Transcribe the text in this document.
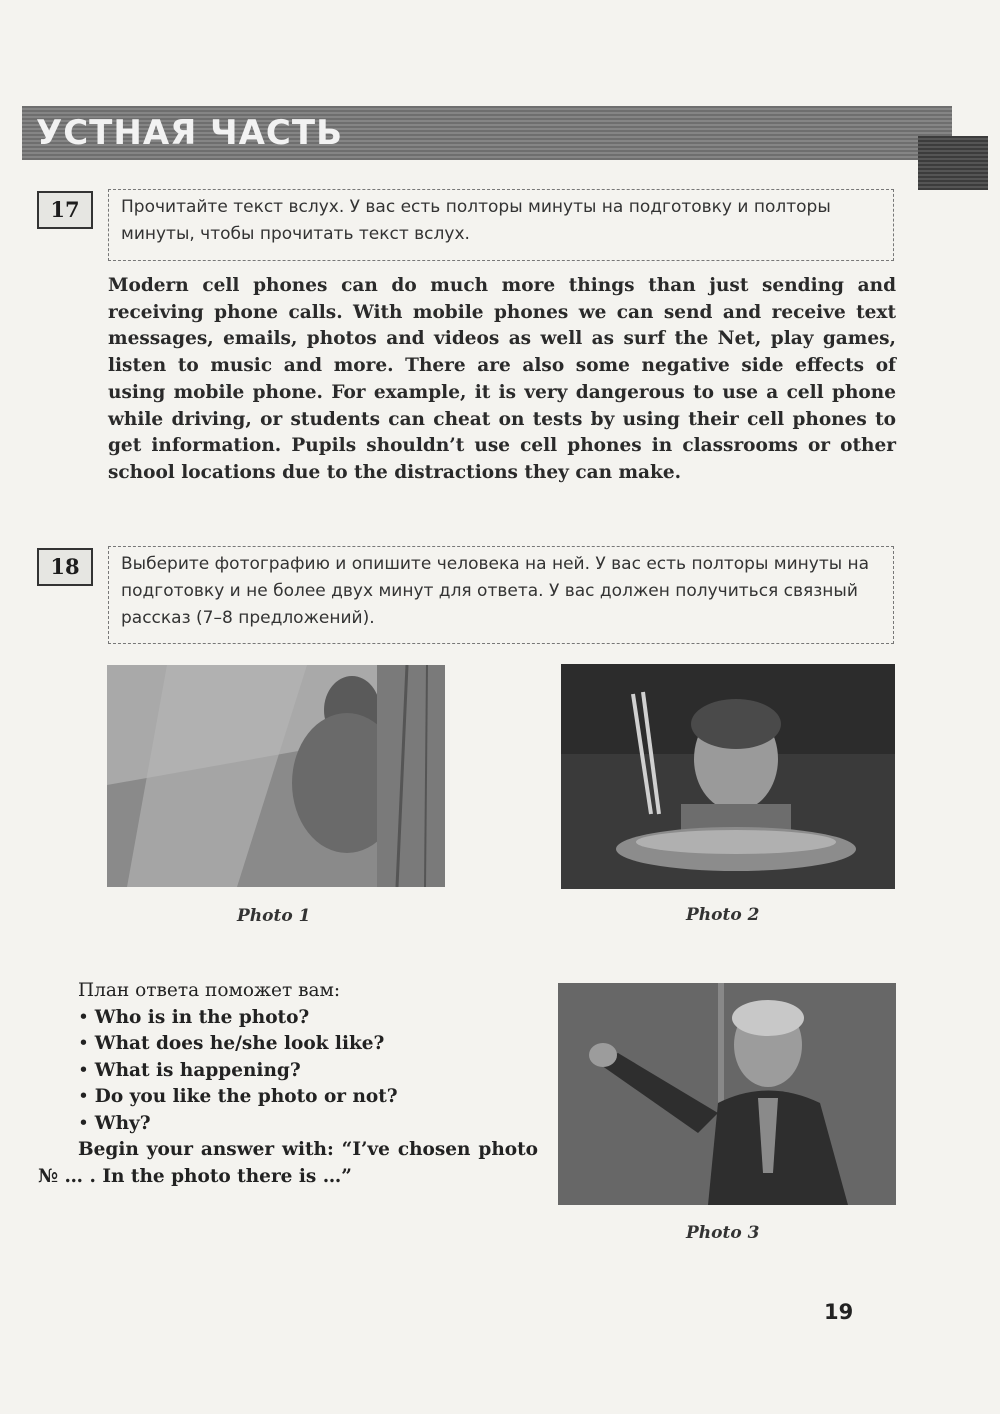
УСТНАЯ ЧАСТЬ
17	Прочитайте текст вслух. У вас есть полторы минуты на подготовку и полторы минуты, чтобы прочитать текст вслух.
Modern cell phones can do much more things than just sending and receiving phone calls. With mobile phones we can send and receive text messages, emails, photos and videos as well as surf the Net, play games, listen to music and more. There are also some negative side effects of using mobile phone. For example, it is very dangerous to use a cell phone while driving, or students can cheat on tests by using their cell phones to get information. Pupils shouldn’t use cell phones in classrooms or other school locations due to the distractions they can make.
18	Выберите фотографию и опишите человека на ней. У вас есть полторы минуты на подготовку и не более двух минут для ответа. У вас должен получиться связный рассказ (7–8 предложений).
Photo 1	Photo 2
Photo 3
План ответа поможет вам:
• Who is in the photo?
• What does he/she look like?
• What is happening?
• Do you like the photo or not?
• Why?
Begin your answer with: “I’ve chosen photo № … . In the photo there is …”
19
